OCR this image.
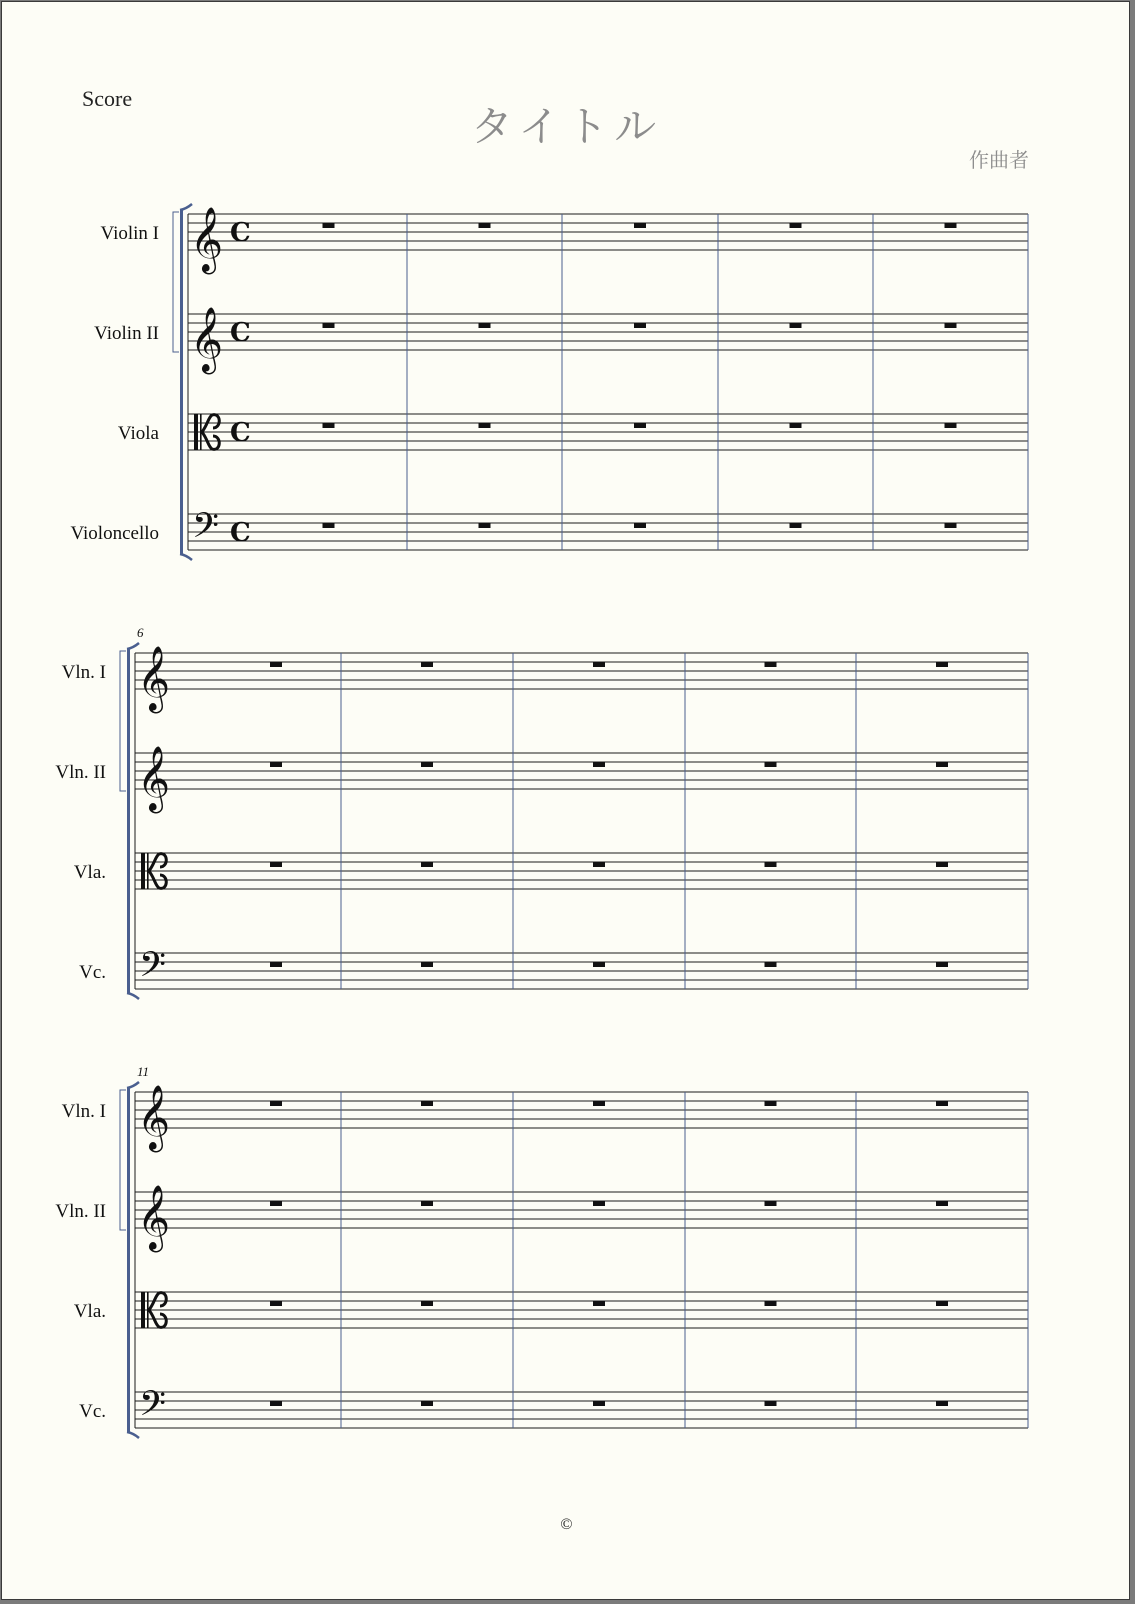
Score
タイトル
作曲者
©
Violin I 𝄞 C
Violin II 𝄞 C
Viola	C
Violoncello 𝄢 C
6
Vln. I 𝄞
Vln. II 𝄞
Vla.
Vc. 𝄢
11
Vln. I 𝄞
Vln. II 𝄞
Vla.
Vc. 𝄢
